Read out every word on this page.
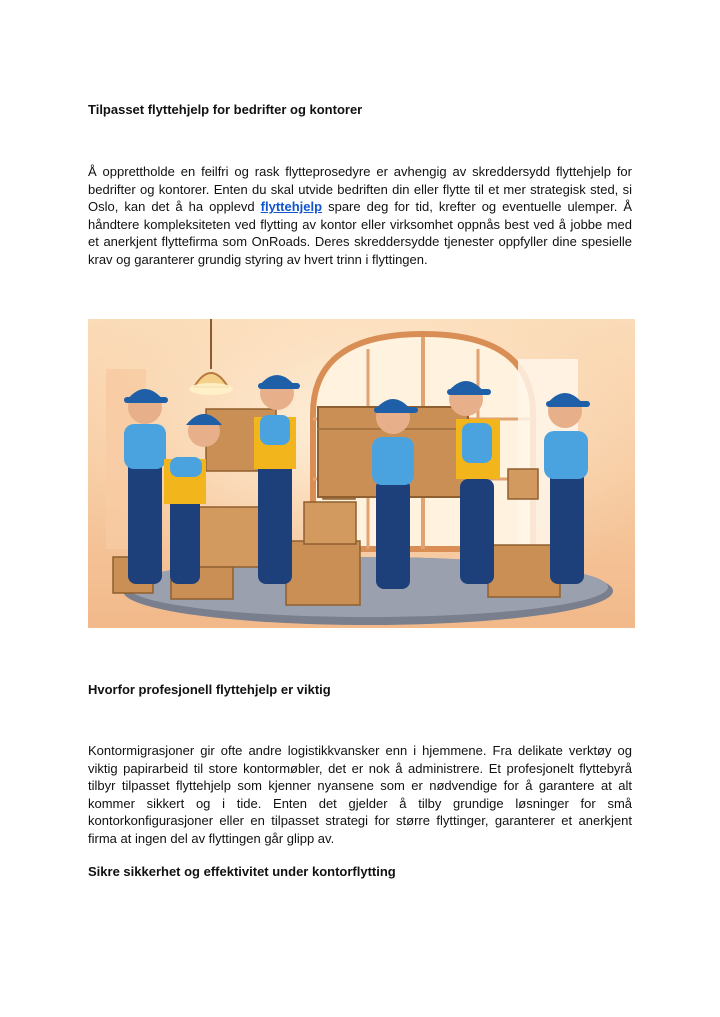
Tilpasset flyttehjelp for bedrifter og kontorer

Å opprettholde en feilfri og rask flytteprosedyre er avhengig av skreddersydd flyttehjelp for bedrifter og kontorer. Enten du skal utvide bedriften din eller flytte til et mer strategisk sted, si Oslo, kan det å ha opplevd flyttehjelp spare deg for tid, krefter og eventuelle ulemper. Å håndtere kompleksiteten ved flytting av kontor eller virksomhet oppnås best ved å jobbe med et anerkjent flyttefirma som OnRoads. Deres skreddersydde tjenester oppfyller dine spesielle krav og garanterer grundig styring av hvert trinn i flyttingen.

Hvorfor profesjonell flyttehjelp er viktig

Kontormigrasjoner gir ofte andre logistikkvansker enn i hjemmene. Fra delikate verktøy og viktig papirarbeid til store kontormøbler, det er nok å administrere. Et profesjonelt flyttebyrå tilbyr tilpasset flyttehjelp som kjenner nyansene som er nødvendige for å garantere at alt kommer sikkert og i tide. Enten det gjelder å tilby grundige løsninger for små kontorkonfigurasjoner eller en tilpasset strategi for større flyttinger, garanterer et anerkjent firma at ingen del av flyttingen går glipp av.

Sikre sikkerhet og effektivitet under kontorflytting
